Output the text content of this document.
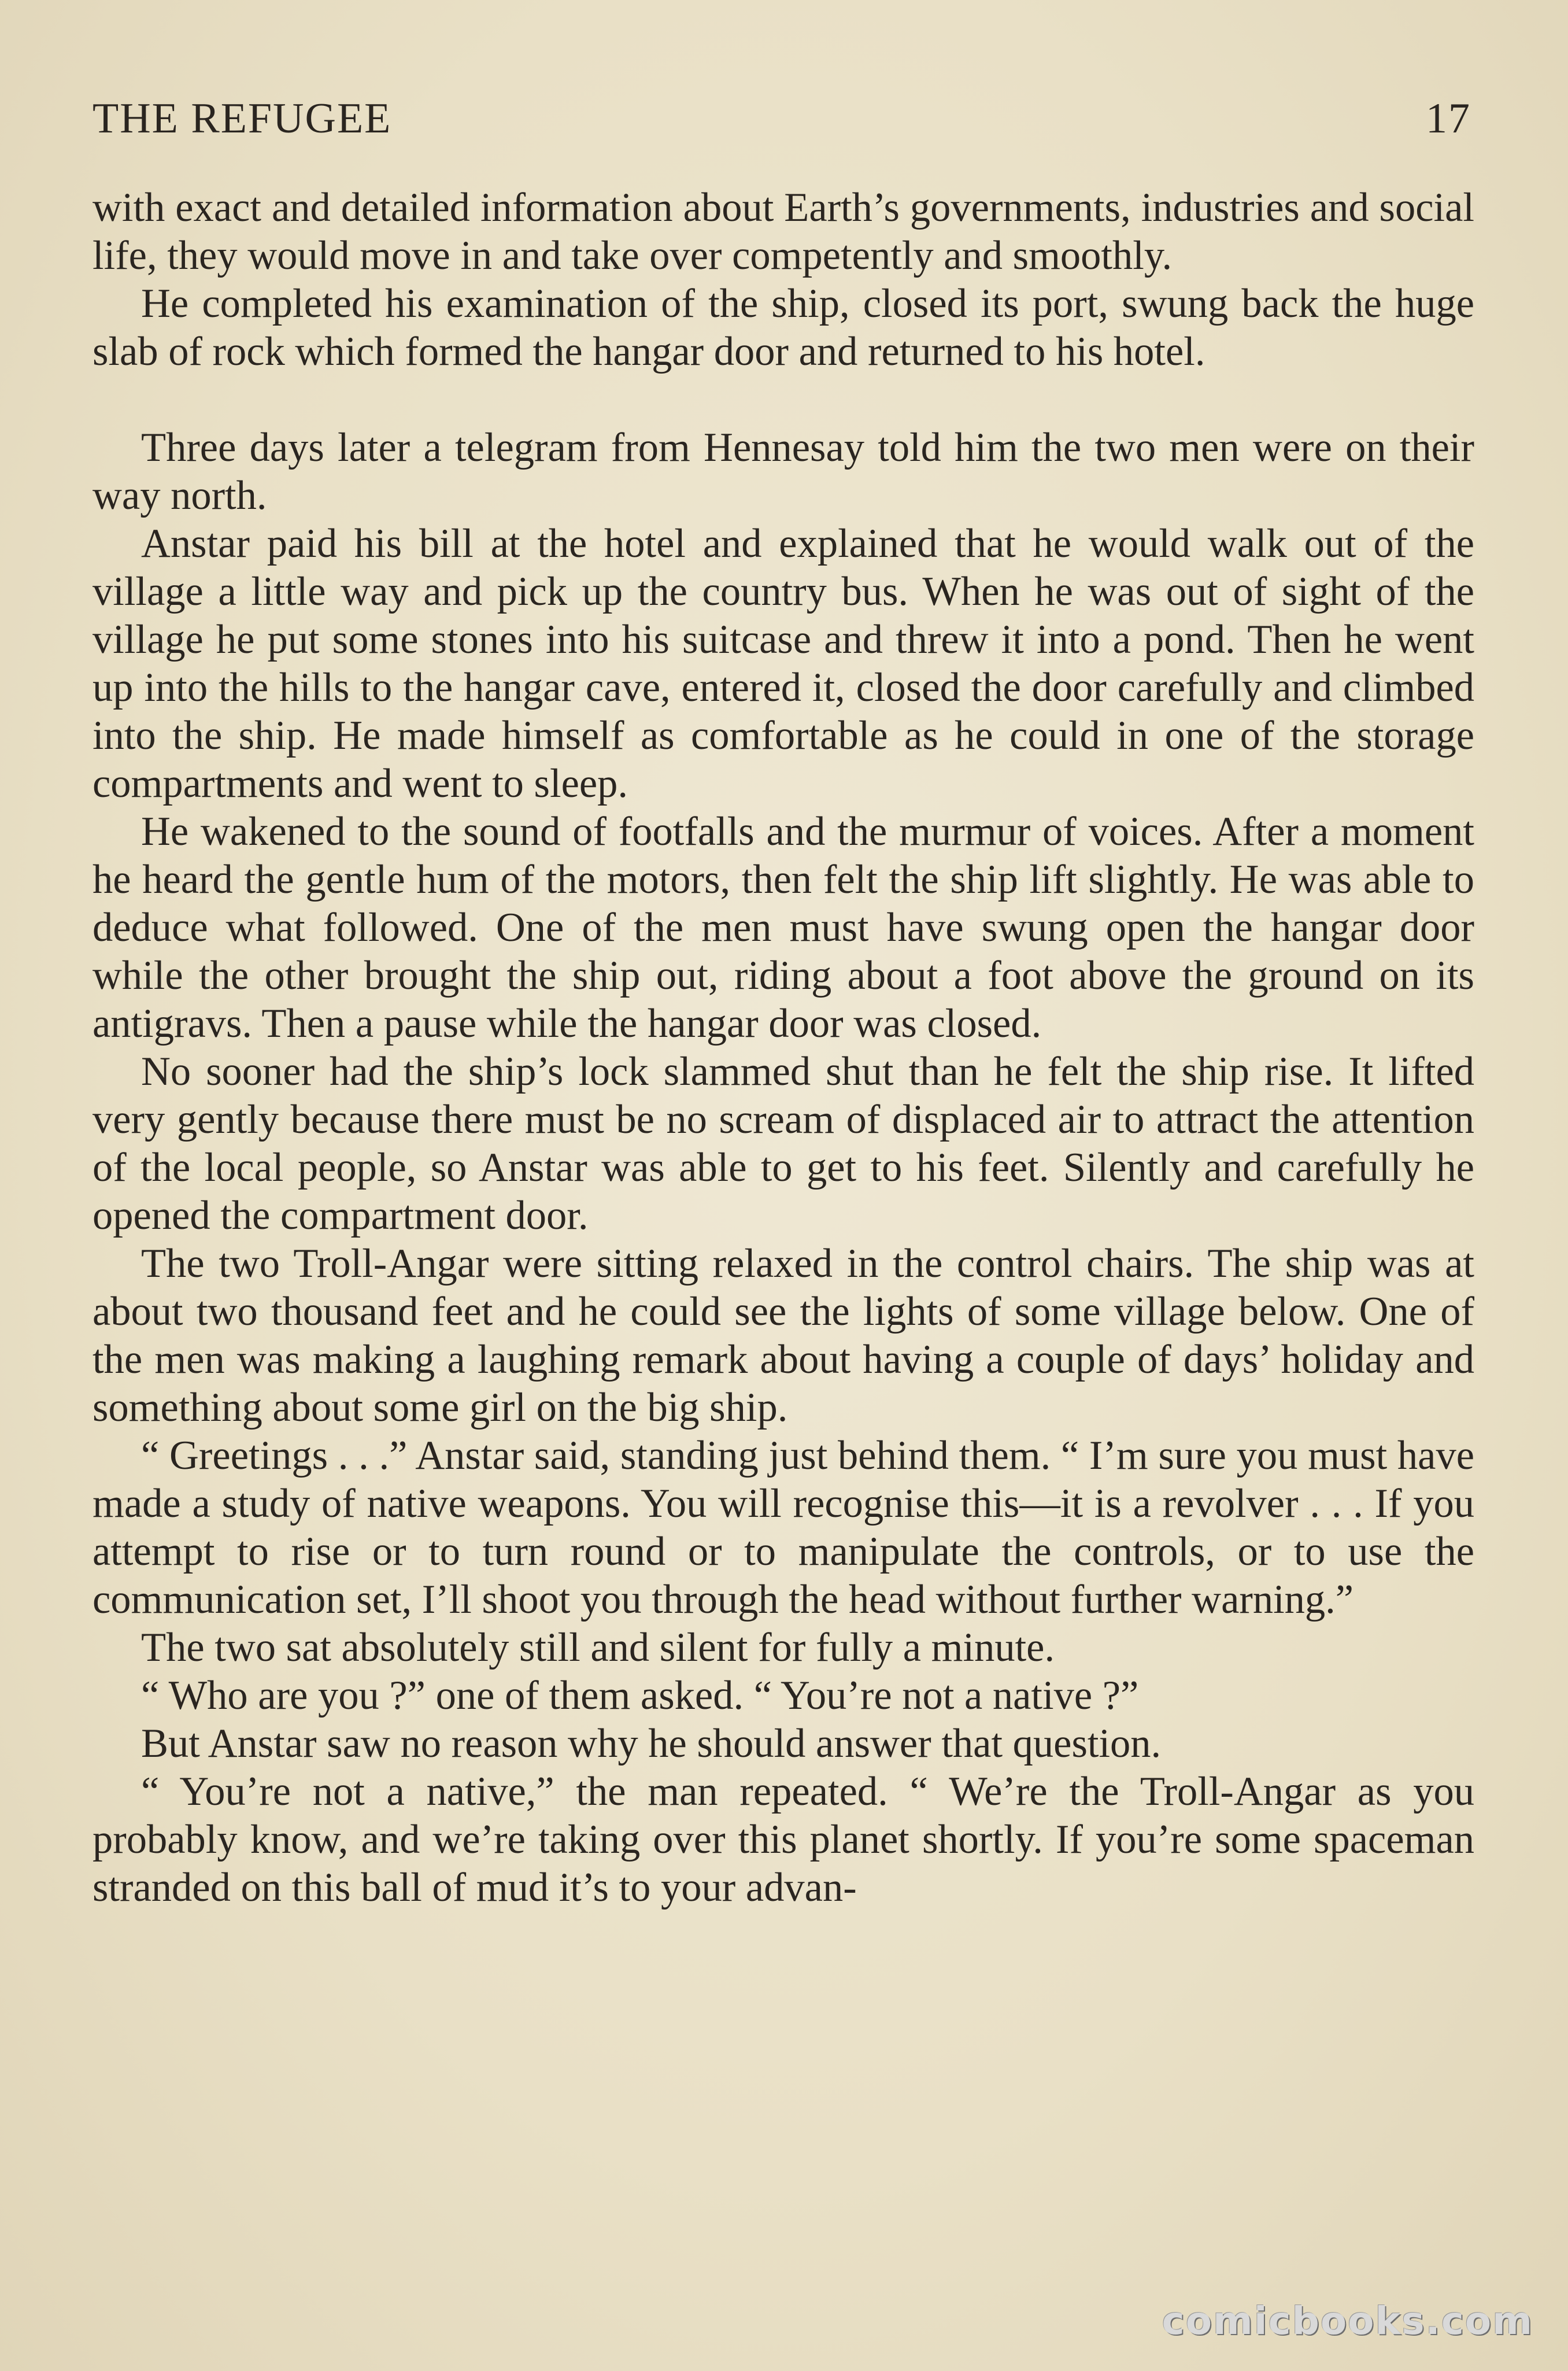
THE REFUGEE	17

with exact and detailed information about Earth’s governments, industries and social life, they would move in and take over competently and smoothly.

He completed his examination of the ship, closed its port, swung back the huge slab of rock which formed the hangar door and returned to his hotel.

Three days later a telegram from Hennesay told him the two men were on their way north.

Anstar paid his bill at the hotel and explained that he would walk out of the village a little way and pick up the country bus. When he was out of sight of the village he put some stones into his suitcase and threw it into a pond. Then he went up into the hills to the hangar cave, entered it, closed the door carefully and climbed into the ship. He made himself as comfortable as he could in one of the storage compartments and went to sleep.

He wakened to the sound of footfalls and the murmur of voices. After a moment he heard the gentle hum of the motors, then felt the ship lift slightly. He was able to deduce what followed. One of the men must have swung open the hangar door while the other brought the ship out, riding about a foot above the ground on its antigravs. Then a pause while the hangar door was closed.

No sooner had the ship’s lock slammed shut than he felt the ship rise. It lifted very gently because there must be no scream of displaced air to attract the attention of the local people, so Anstar was able to get to his feet. Silently and carefully he opened the compartment door.

The two Troll-Angar were sitting relaxed in the control chairs. The ship was at about two thousand feet and he could see the lights of some village below. One of the men was making a laughing remark about having a couple of days’ holiday and something about some girl on the big ship.

“ Greetings . . .” Anstar said, standing just behind them. “ I’m sure you must have made a study of native weapons. You will recognise this—it is a revolver . . . If you attempt to rise or to turn round or to manipulate the controls, or to use the communication set, I’ll shoot you through the head without further warning.”

The two sat absolutely still and silent for fully a minute.

“ Who are you ?” one of them asked. “ You’re not a native ?”

But Anstar saw no reason why he should answer that question.

“ You’re not a native,” the man repeated. “ We’re the Troll-Angar as you probably know, and we’re taking over this planet shortly. If you’re some spaceman stranded on this ball of mud it’s to your advan-

comicbooks.com
